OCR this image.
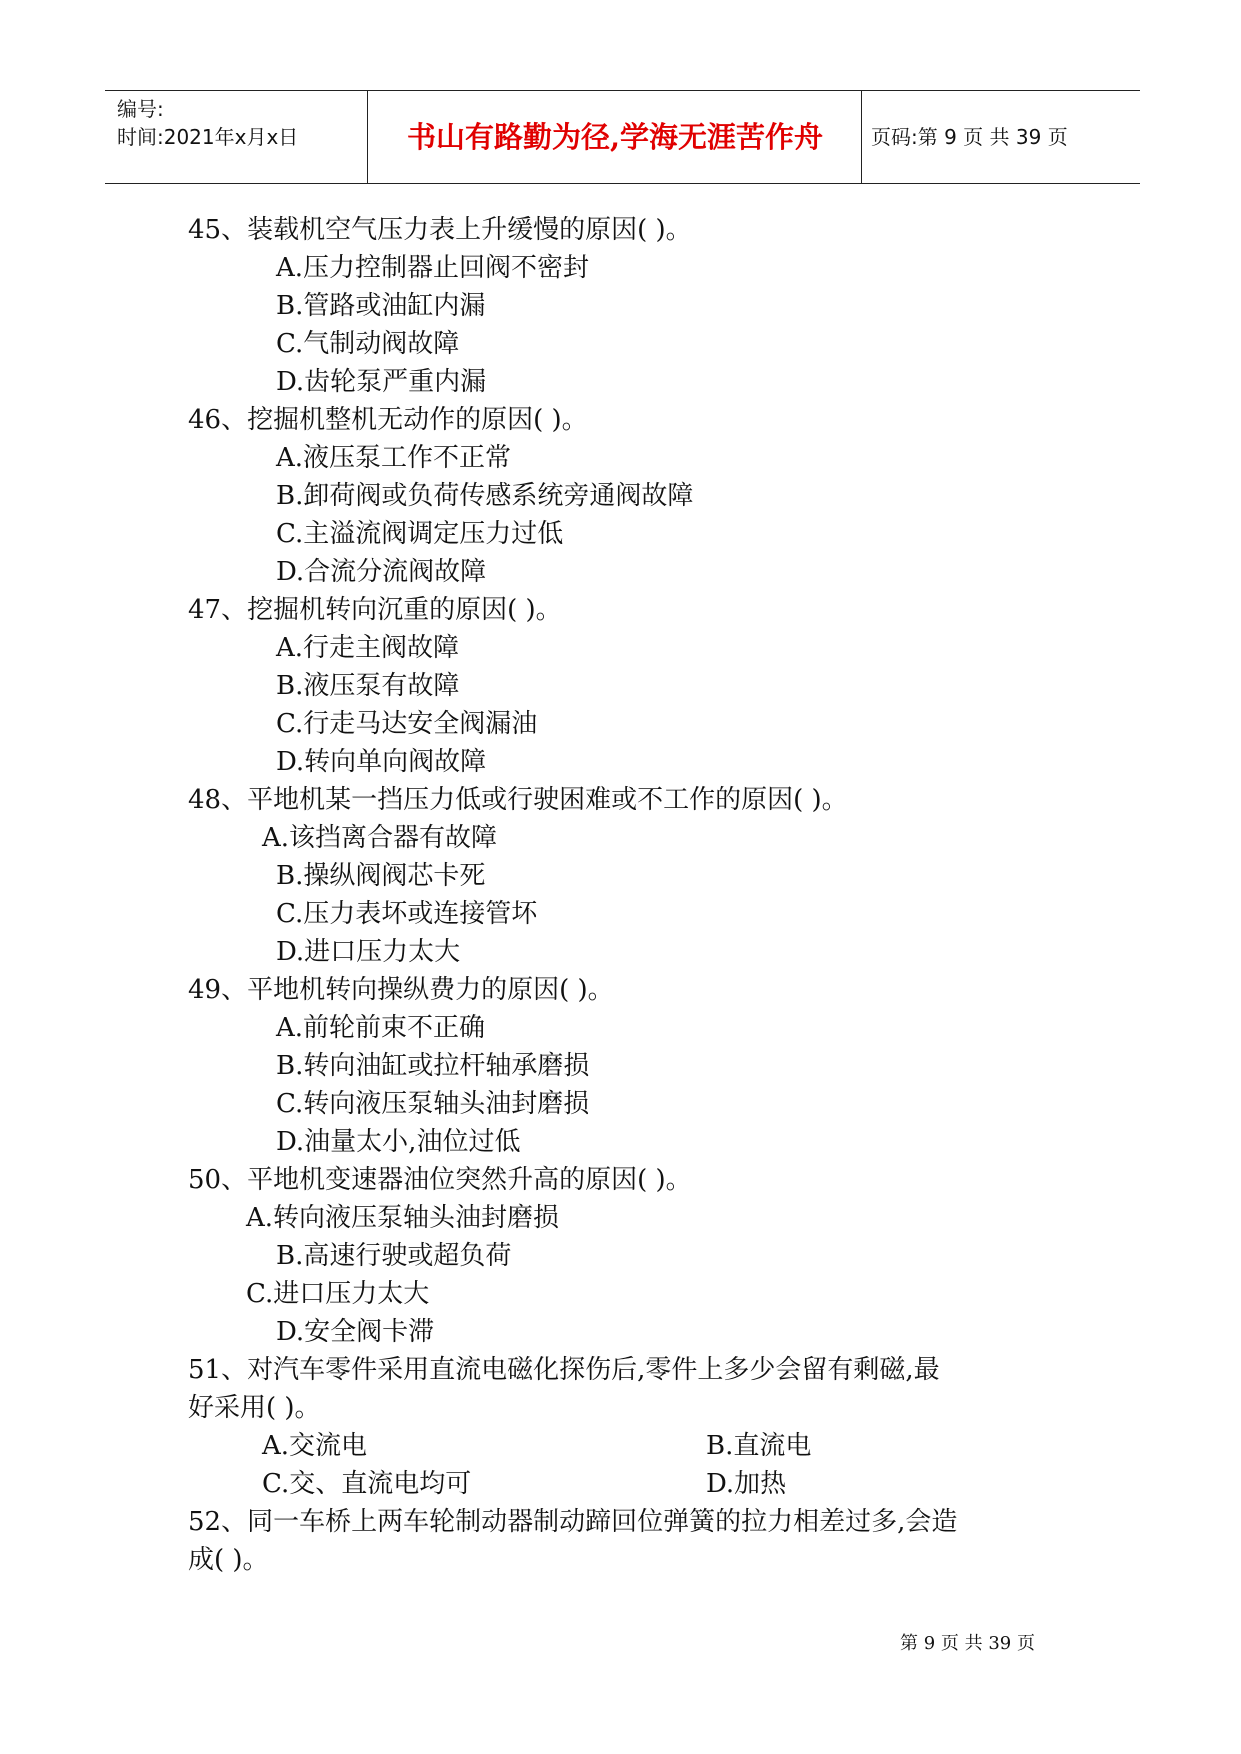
编号:
时间:2021年x月x日	书山有路勤为径,学海无涯苦作舟	页码:第 9 页 共 39 页
45、装载机空气压力表上升缓慢的原因( )。
A.压力控制器止回阀不密封
B.管路或油缸内漏
C.气制动阀故障
D.齿轮泵严重内漏
46、挖掘机整机无动作的原因( )。
A.液压泵工作不正常
B.卸荷阀或负荷传感系统旁通阀故障
C.主溢流阀调定压力过低
D.合流分流阀故障
47、挖掘机转向沉重的原因( )。
A.行走主阀故障
B.液压泵有故障
C.行走马达安全阀漏油
D.转向单向阀故障
48、平地机某一挡压力低或行驶困难或不工作的原因( )。
A.该挡离合器有故障
B.操纵阀阀芯卡死
C.压力表坏或连接管坏
D.进口压力太大
49、平地机转向操纵费力的原因( )。
A.前轮前束不正确
B.转向油缸或拉杆轴承磨损
C.转向液压泵轴头油封磨损
D.油量太小,油位过低
50、平地机变速器油位突然升高的原因( )。
A.转向液压泵轴头油封磨损
B.高速行驶或超负荷
C.进口压力太大
D.安全阀卡滞
51、对汽车零件采用直流电磁化探伤后,零件上多少会留有剩磁,最
好采用( )。
A.交流电	B.直流电
C.交、直流电均可	D.加热
52、同一车桥上两车轮制动器制动蹄回位弹簧的拉力相差过多,会造
成( )。
第 9 页 共 39 页
